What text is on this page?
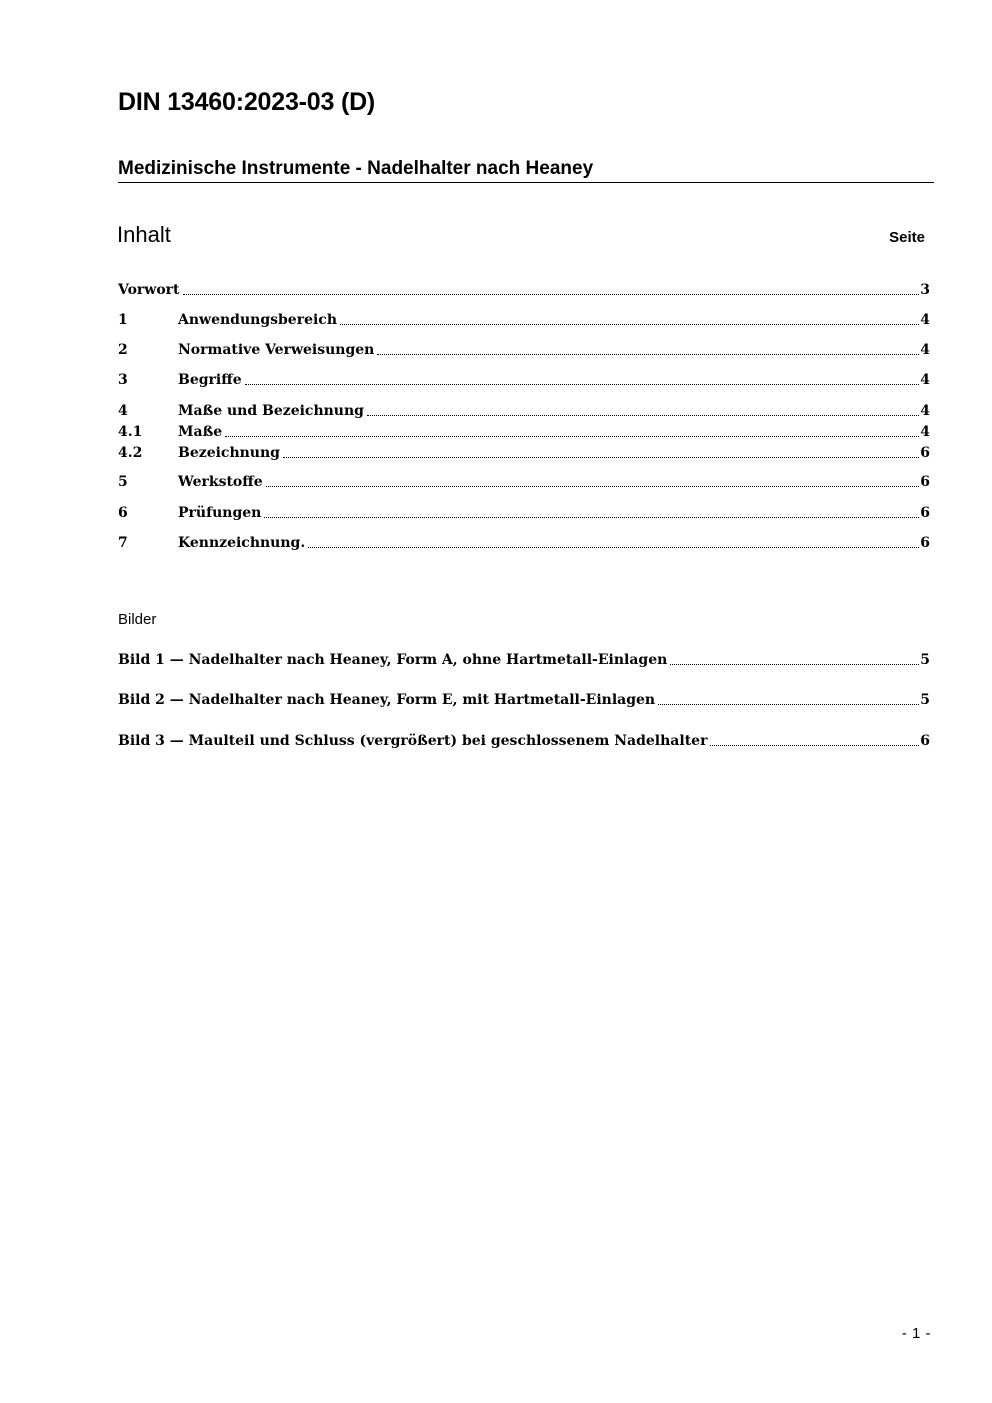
DIN 13460:2023-03 (D)
Medizinische Instrumente - Nadelhalter nach Heaney
Inhalt	Seite
Vorwort	3
1	Anwendungsbereich	4
2	Normative Verweisungen	4
3	Begriffe	4
4	Maße und Bezeichnung	4
4.1	Maße	4
4.2	Bezeichnung	6
5	Werkstoffe	6
6	Prüfungen	6
7	Kennzeichnung.	6
Bilder
Bild 1 — Nadelhalter nach Heaney, Form A, ohne Hartmetall-Einlagen	5
Bild 2 — Nadelhalter nach Heaney, Form E, mit Hartmetall-Einlagen	5
Bild 3 — Maulteil und Schluss (vergrößert) bei geschlossenem Nadelhalter	6
- 1 -
